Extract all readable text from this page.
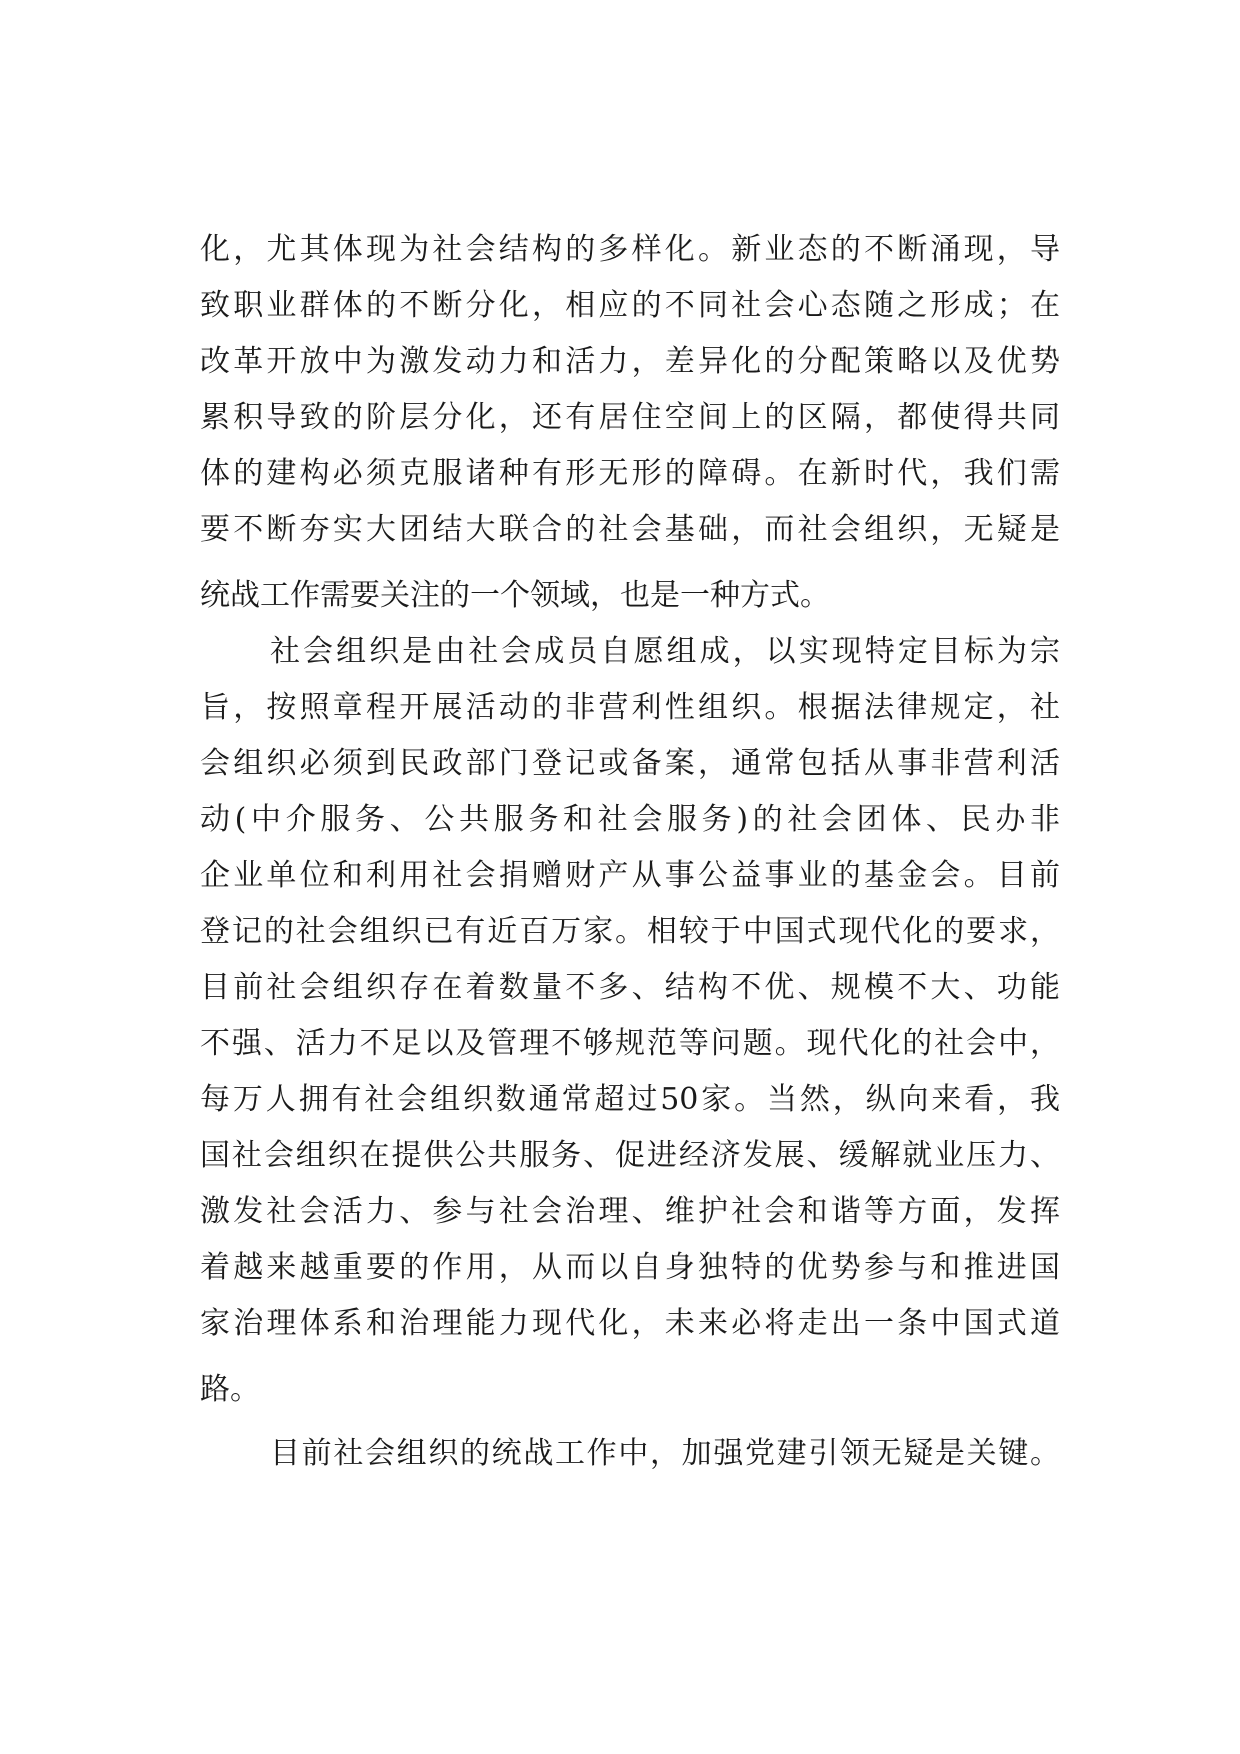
化，尤其体现为社会结构的多样化。新业态的不断涌现，导
致职业群体的不断分化，相应的不同社会心态随之形成；在
改革开放中为激发动力和活力，差异化的分配策略以及优势
累积导致的阶层分化，还有居住空间上的区隔，都使得共同
体的建构必须克服诸种有形无形的障碍。在新时代，我们需
要不断夯实大团结大联合的社会基础，而社会组织，无疑是
统战工作需要关注的一个领域，也是一种方式。
社会组织是由社会成员自愿组成，以实现特定目标为宗
旨，按照章程开展活动的非营利性组织。根据法律规定，社
会组织必须到民政部门登记或备案，通常包括从事非营利活
动(中介服务、公共服务和社会服务)的社会团体、民办非
企业单位和利用社会捐赠财产从事公益事业的基金会。目前
登记的社会组织已有近百万家。相较于中国式现代化的要求，
目前社会组织存在着数量不多、结构不优、规模不大、功能
不强、活力不足以及管理不够规范等问题。现代化的社会中，
每万人拥有社会组织数通常超过50家。当然，纵向来看，我
国社会组织在提供公共服务、促进经济发展、缓解就业压力、
激发社会活力、参与社会治理、维护社会和谐等方面，发挥
着越来越重要的作用，从而以自身独特的优势参与和推进国
家治理体系和治理能力现代化，未来必将走出一条中国式道
路。
目前社会组织的统战工作中，加强党建引领无疑是关键。
